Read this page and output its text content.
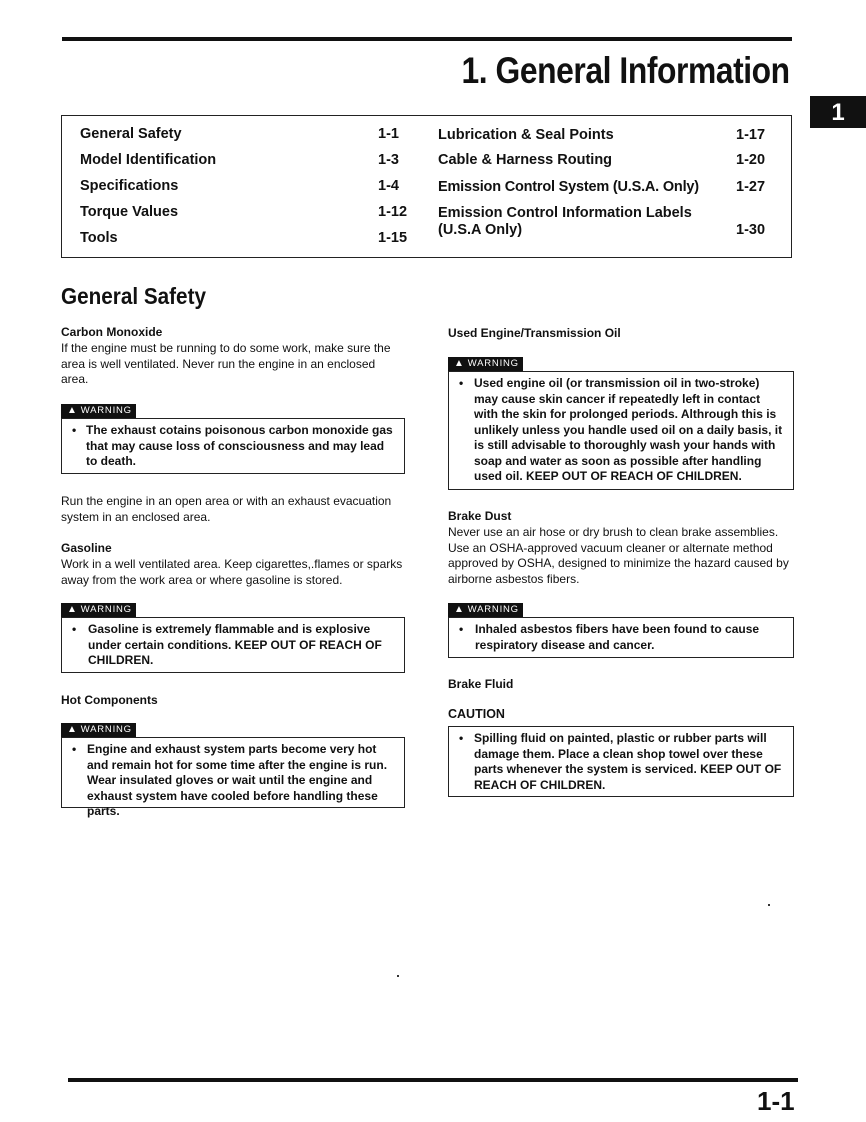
1. General Information
1
General Safety	1-1
Model Identification	1-3
Specifications	1-4
Torque Values	1-12
Tools	1-15
Lubrication & Seal Points	1-17
Cable & Harness Routing	1-20
Emission Control System (U.S.A. Only)	1-27
Emission Control Information Labels
(U.S.A Only)	1-30
General Safety
Carbon Monoxide
If the engine must be running to do some work, make sure the area is well ventilated. Never run the engine in an enclosed area.
▲ WARNING
• The exhaust cotains poisonous carbon monoxide gas that may cause loss of consciousness and may lead to death.
Run the engine in an open area or with an exhaust evacuation system in an enclosed area.
Gasoline
Work in a well ventilated area. Keep cigarettes,.flames or sparks away from the work area or where gasoline is stored.
▲ WARNING
• Gasoline is extremely flammable and is explosive under certain conditions. KEEP OUT OF REACH OF CHILDREN.
Hot Components
▲ WARNING
• Engine and exhaust system parts become very hot and remain hot for some time after the engine is run. Wear insulated gloves or wait until the engine and exhaust system have cooled before handling these parts.
Used Engine/Transmission Oil
▲ WARNING
• Used engine oil (or transmission oil in two-stroke) may cause skin cancer if repeatedly left in contact with the skin for prolonged periods. Althrough this is unlikely unless you handle used oil on a daily basis, it is still advisable to thoroughly wash your hands with soap and water as soon as possible after handling used oil. KEEP OUT OF REACH OF CHILDREN.
Brake Dust
Never use an air hose or dry brush to clean brake assemblies. Use an OSHA-approved vacuum cleaner or alternate method approved by OSHA, designed to minimize the hazard caused by airborne asbestos fibers.
▲ WARNING
• Inhaled asbestos fibers have been found to cause respiratory disease and cancer.
Brake Fluid
CAUTION
• Spilling fluid on painted, plastic or rubber parts will damage them. Place a clean shop towel over these parts whenever the system is serviced. KEEP OUT OF REACH OF CHILDREN.
1-1
